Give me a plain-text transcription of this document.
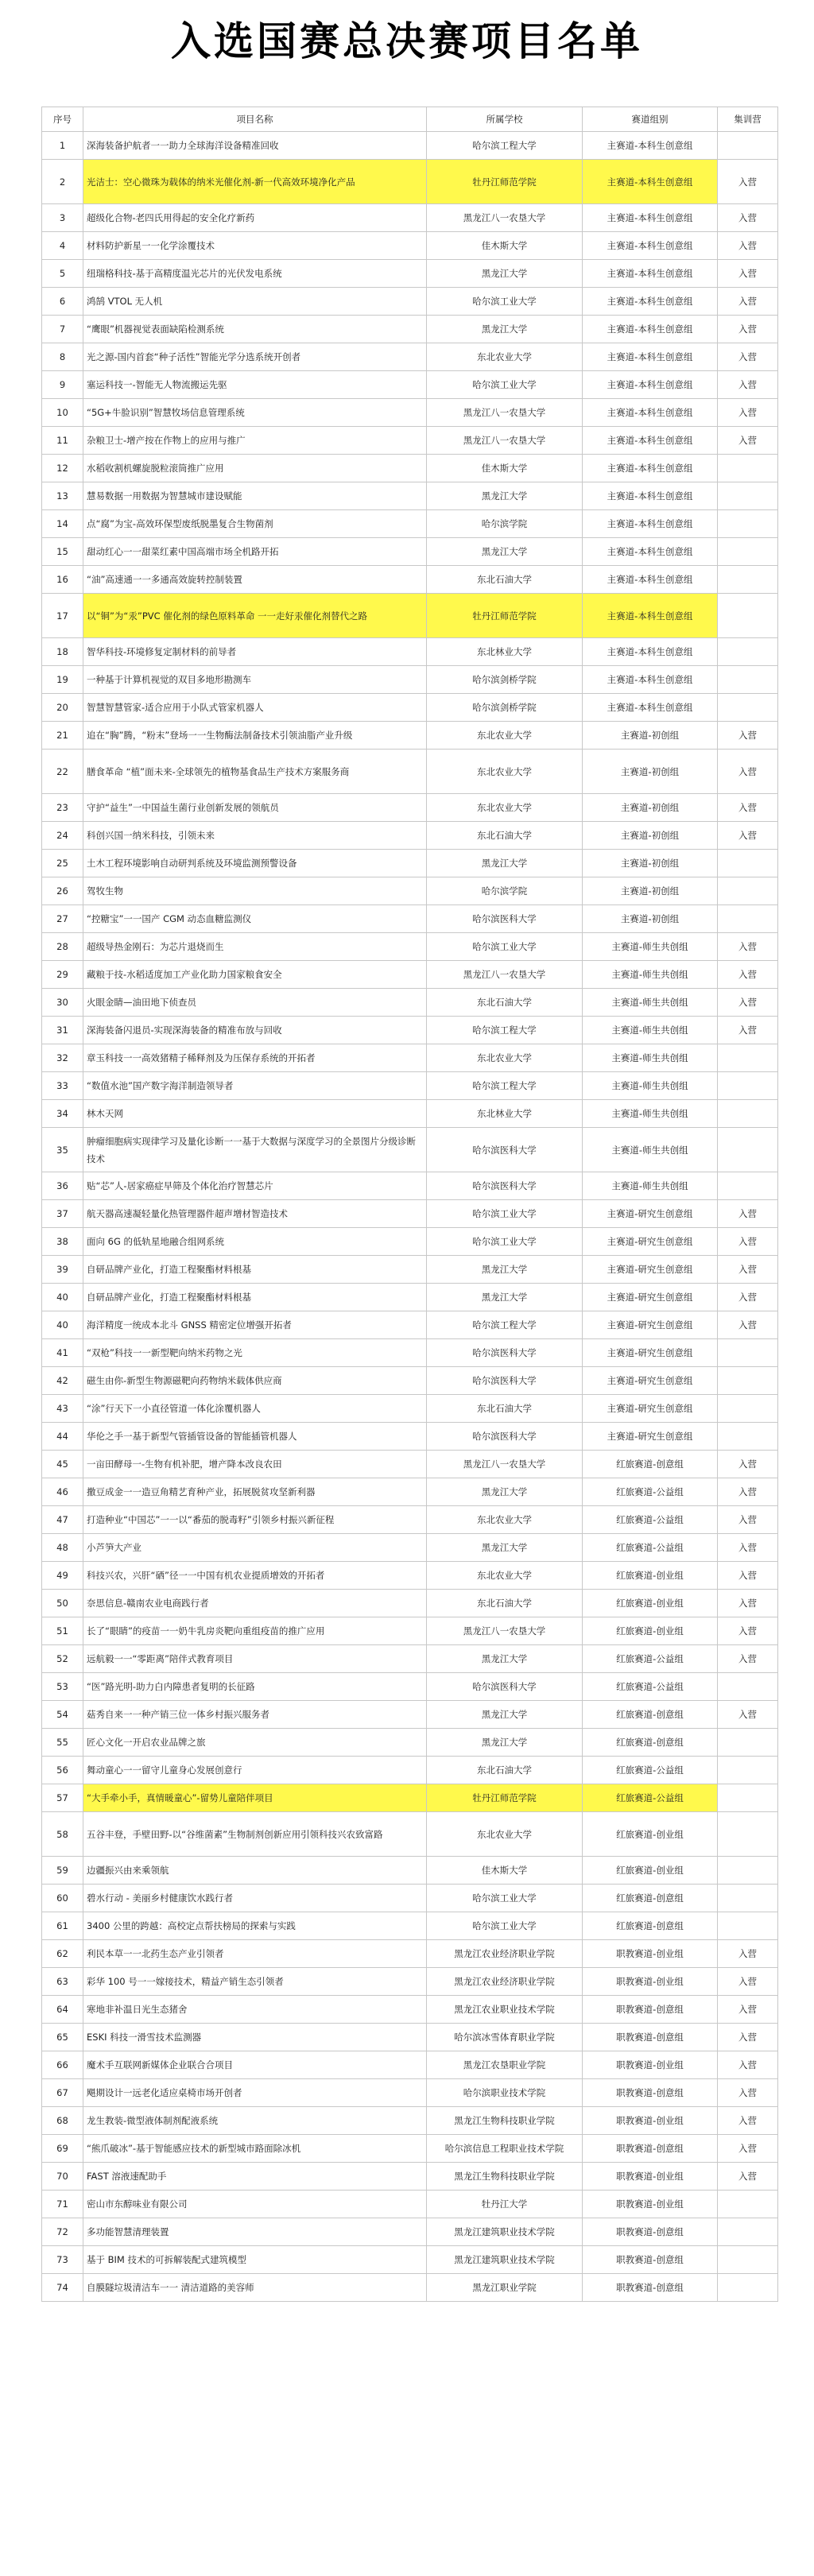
入选国赛总决赛项目名单
序号	项目名称	所属学校	赛道组别	集训营
1	深海装备护航者一一助力全球海洋设备精准回收	哈尔滨工程大学	主赛道-本科生创意组	
2	光洁士：空心微珠为载体的纳米光催化剂-新一代高效环境净化产品	牡丹江师范学院	主赛道-本科生创意组	入营
3	超级化合物-老四氏用得起的安全化疗新药	黑龙江八一农垦大学	主赛道-本科生创意组	入营
4	材料防护新星一一化学涂覆技术	佳木斯大学	主赛道-本科生创意组	入营
5	纽瑞格科技-基于高精度温光芯片的光伏发电系统	黑龙江大学	主赛道-本科生创意组	入营
6	鸿鹄 VTOL 无人机	哈尔滨工业大学	主赛道-本科生创意组	入营
7	“鹰眼”机器视觉表面缺陷检测系统	黑龙江大学	主赛道-本科生创意组	入营
8	光之源-国内首套“种子活性”智能光学分选系统开创者	东北农业大学	主赛道-本科生创意组	入营
9	塞运科技一-智能无人物流搬运先驱	哈尔滨工业大学	主赛道-本科生创意组	入营
10	“5G+牛脸识别”智慧牧场信息管理系统	黑龙江八一农垦大学	主赛道-本科生创意组	入营
11	杂粮卫士-增产按在作物上的应用与推广	黑龙江八一农垦大学	主赛道-本科生创意组	入营
12	水稻收割机螺旋脱粒滚筒推广应用	佳木斯大学	主赛道-本科生创意组	
13	慧易数据一用数据为智慧城市建设赋能	黑龙江大学	主赛道-本科生创意组	
14	点“腐”为宝-高效环保型废纸脱墨复合生物菌剂	哈尔滨学院	主赛道-本科生创意组	
15	甜动红心一一甜菜红素中国高端市场全机路开拓	黑龙江大学	主赛道-本科生创意组	
16	“油”高速通一一多通高效旋转控制装置	东北石油大学	主赛道-本科生创意组	
17	以“铜”为“汞”PVC 催化剂的绿色原料革命 一一走好汞催化剂替代之路	牡丹江师范学院	主赛道-本科生创意组	
18	智华科技-环境修复定制材料的前导者	东北林业大学	主赛道-本科生创意组	
19	一种基于计算机视觉的双目多地形勘测车	哈尔滨剑桥学院	主赛道-本科生创意组	
20	智慧智慧管家-适合应用于小队式管家机器人	哈尔滨剑桥学院	主赛道-本科生创意组	
21	追在“胸”腾，“粉末”登场一一生物酶法制备技术引领油脂产业升级	东北农业大学	主赛道-初创组	入营
22	膳食革命 “植”面未来-全球领先的植物基食品生产技术方案服务商	东北农业大学	主赛道-初创组	入营
23	守护“益生”一中国益生菌行业创新发展的领航员	东北农业大学	主赛道-初创组	入营
24	科创兴国一纳米科技，引领未来	东北石油大学	主赛道-初创组	入营
25	土木工程环境影响自动研判系统及环境监测预警设备	黑龙江大学	主赛道-初创组	
26	驾牧生物	哈尔滨学院	主赛道-初创组	
27	“控糖宝”一一国产 CGM 动态血糖监测仪	哈尔滨医科大学	主赛道-初创组	
28	超级导热金刚石：为芯片退烧而生	哈尔滨工业大学	主赛道-师生共创组	入营
29	藏粮于技-水稻适度加工产业化助力国家粮食安全	黑龙江八一农垦大学	主赛道-师生共创组	入营
30	火眼金睛—油田地下侦查员	东北石油大学	主赛道-师生共创组	入营
31	深海装备闪退员-实现深海装备的精准布放与回收	哈尔滨工程大学	主赛道-师生共创组	入营
32	章玉科技一一高效猪精子稀释剂及为压保存系统的开拓者	东北农业大学	主赛道-师生共创组	
33	“数值水池”国产数字海洋制造领导者	哈尔滨工程大学	主赛道-师生共创组	
34	林木天网	东北林业大学	主赛道-师生共创组	
35	肿瘤细胞病实现律学习及量化诊断一一基于大数据与深度学习的全景图片分级诊断技术	哈尔滨医科大学	主赛道-师生共创组	
36	贴“芯”人-居家癌症早筛及个体化治疗智慧芯片	哈尔滨医科大学	主赛道-师生共创组	
37	航天器高速凝轻量化热管理器件超声增材智造技术	哈尔滨工业大学	主赛道-研究生创意组	入营
38	面向 6G 的低轨星地融合组网系统	哈尔滨工业大学	主赛道-研究生创意组	入营
39	自研品牌产业化，打造工程聚酯材料根基	黑龙江大学	主赛道-研究生创意组	入营
40	自研品牌产业化，打造工程聚酯材料根基	黑龙江大学	主赛道-研究生创意组	入营
40	海洋精度一统成本北斗 GNSS 精密定位增强开拓者	哈尔滨工程大学	主赛道-研究生创意组	入营
41	“双枪”科技一一新型靶向纳米药物之光	哈尔滨医科大学	主赛道-研究生创意组	
42	磁生由你-新型生物源磁靶向药物纳米载体供应商	哈尔滨医科大学	主赛道-研究生创意组	
43	“涂”行天下一小直径管道一体化涂覆机器人	东北石油大学	主赛道-研究生创意组	
44	华伦之手一基于新型气管插管设备的智能插管机器人	哈尔滨医科大学	主赛道-研究生创意组	
45	一亩田酵母一-生物有机补肥，增产降本改良农田	黑龙江八一农垦大学	红旅赛道-创意组	入营
46	撒豆成金一一造豆角精艺育种产业，拓展脱贫攻坚新利器	黑龙江大学	红旅赛道-公益组	入营
47	打造种业“中国芯”一一以“番茄的脱毒籽”引领乡村振兴新征程	东北农业大学	红旅赛道-公益组	入营
48	小芦笋大产业	黑龙江大学	红旅赛道-公益组	入营
49	科技兴农，兴肝“硒”径一一中国有机农业提质增效的开拓者	东北农业大学	红旅赛道-创业组	入营
50	奈思信息-赣南农业电商践行者	东北石油大学	红旅赛道-创业组	入营
51	长了“眼睛”的疫苗一一奶牛乳房炎靶向重组疫苗的推广应用	黑龙江八一农垦大学	红旅赛道-创业组	入营
52	远航毅一一“零距离”陪伴式教育项目	黑龙江大学	红旅赛道-公益组	入营
53	“医”路光明-助力白内障患者复明的长征路	哈尔滨医科大学	红旅赛道-公益组	
54	菇秀自来一一种产销三位一体乡村振兴服务者	黑龙江大学	红旅赛道-创意组	入营
55	匠心文化一开启农业品牌之旅	黑龙江大学	红旅赛道-创意组	
56	舞动童心一一留守儿童身心发展创意行	东北石油大学	红旅赛道-公益组	
57	“大手牵小手，真情暖童心”-留势儿童陪伴项目	牡丹江师范学院	红旅赛道-公益组	
58	五谷丰登，手壁田野-以“谷维菌素”生物制剂创新应用引领科技兴农致富路	东北农业大学	红旅赛道-创业组	
59	边疆振兴由来乘领航	佳木斯大学	红旅赛道-创业组	
60	碧水行动 - 美丽乡村健康饮水践行者	哈尔滨工业大学	红旅赛道-创意组	
61	3400 公里的跨越：高校定点帮扶榜局的探索与实践	哈尔滨工业大学	红旅赛道-创意组	
62	利民本草一一北药生态产业引领者	黑龙江农业经济职业学院	职教赛道-创业组	入营
63	彩华 100 号一一嫁接技术，精益产销生态引领者	黑龙江农业经济职业学院	职教赛道-创业组	入营
64	寒地非补温日光生态猪舍	黑龙江农业职业技术学院	职教赛道-创意组	入营
65	ESKI 科技一滑雪技术监测器	哈尔滨冰雪体育职业学院	职教赛道-创意组	入营
66	魔术手互联网新媒体企业联合合项目	黑龙江农垦职业学院	职教赛道-创业组	入营
67	飓期设计一远老化适应桌椅市场开创者	哈尔滨职业技术学院	职教赛道-创意组	入营
68	龙生教装-微型液体制剂配液系统	黑龙江生物科技职业学院	职教赛道-创业组	入营
69	“熊爪破冰”-基于智能感应技术的新型城市路面除冰机	哈尔滨信息工程职业技术学院	职教赛道-创意组	入营
70	FAST 溶液速配助手	黑龙江生物科技职业学院	职教赛道-创业组	入营
71	密山市东醇味业有限公司	牡丹江大学	职教赛道-创业组	
72	多功能智慧清理装置	黑龙江建筑职业技术学院	职教赛道-创意组	
73	基于 BIM 技术的可拆解装配式建筑模型	黑龙江建筑职业技术学院	职教赛道-创意组	
74	自膜隧垃圾清洁车一一 清洁道路的美容师	黑龙江职业学院	职教赛道-创意组	
